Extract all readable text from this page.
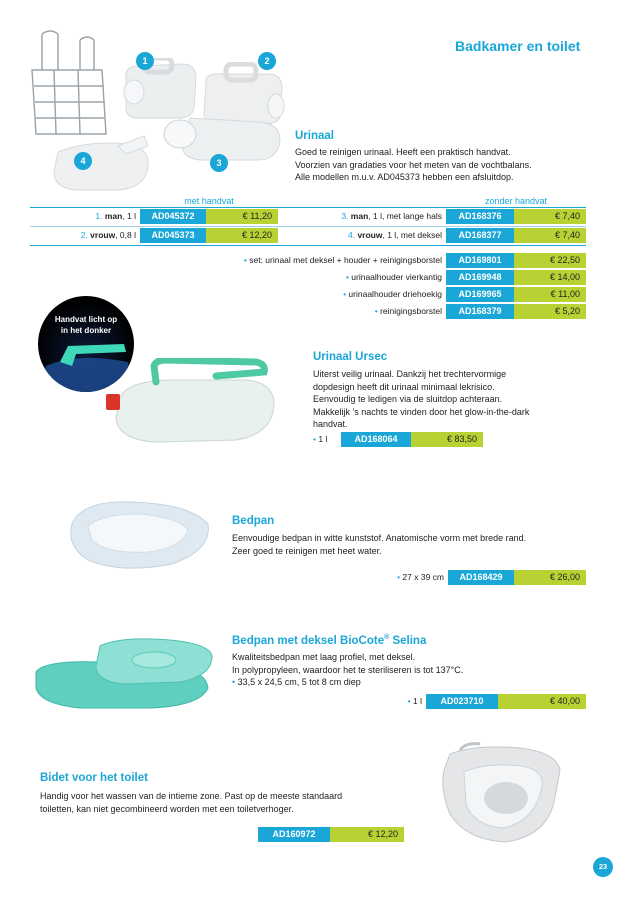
Badkamer en toilet
1	2
3
4
Urinaal
Goed te reinigen urinaal. Heeft een praktisch handvat.
Voorzien van gradaties voor het meten van de vochtbalans.
Alle modellen m.u.v. AD045373 hebben een afsluitdop.
met handvat	zonder handvat
1. man, 1 l	AD045372	€ 11,20
2. vrouw, 0,8 l	AD045373	€ 12,20
3. man, 1 l, met lange hals	AD168376	€ 7,40
4. vrouw, 1 l, met deksel	AD168377	€ 7,40
• set: urinaal met deksel + houder + reinigingsborstel	AD169801	€ 22,50
• urinaalhouder vierkantig	AD169948	€ 14,00
• urinaalhouder driehoekig	AD169965	€ 11,00
• reinigingsborstel	AD168379	€ 5,20
Handvat licht op
in het donker
Urinaal Ursec
Uiterst veilig urinaal. Dankzij het trechtervormige
dopdesign heeft dit urinaal minimaal lekrisico.
Eenvoudig te ledigen via de sluitdop achteraan.
Makkelijk 's nachts te vinden door het glow-in-the-dark
handvat.
• 1 l	AD168064	€ 83,50
Bedpan
Eenvoudige bedpan in witte kunststof. Anatomische vorm met brede rand.
Zeer goed te reinigen met heet water.
• 27 x 39 cm	AD168429	€ 26,00
Bedpan met deksel BioCote® Selina
Kwaliteitsbedpan met laag profiel, met deksel.
In polypropyleen, waardoor het te steriliseren is tot 137°C.
• 33,5 x 24,5 cm, 5 tot 8 cm diep
• 1 l	AD023710	€ 40,00
Bidet voor het toilet
Handig voor het wassen van de intieme zone. Past op de meeste standaard
toiletten, kan niet gecombineerd worden met een toiletverhoger.
AD160972	€ 12,20
23
